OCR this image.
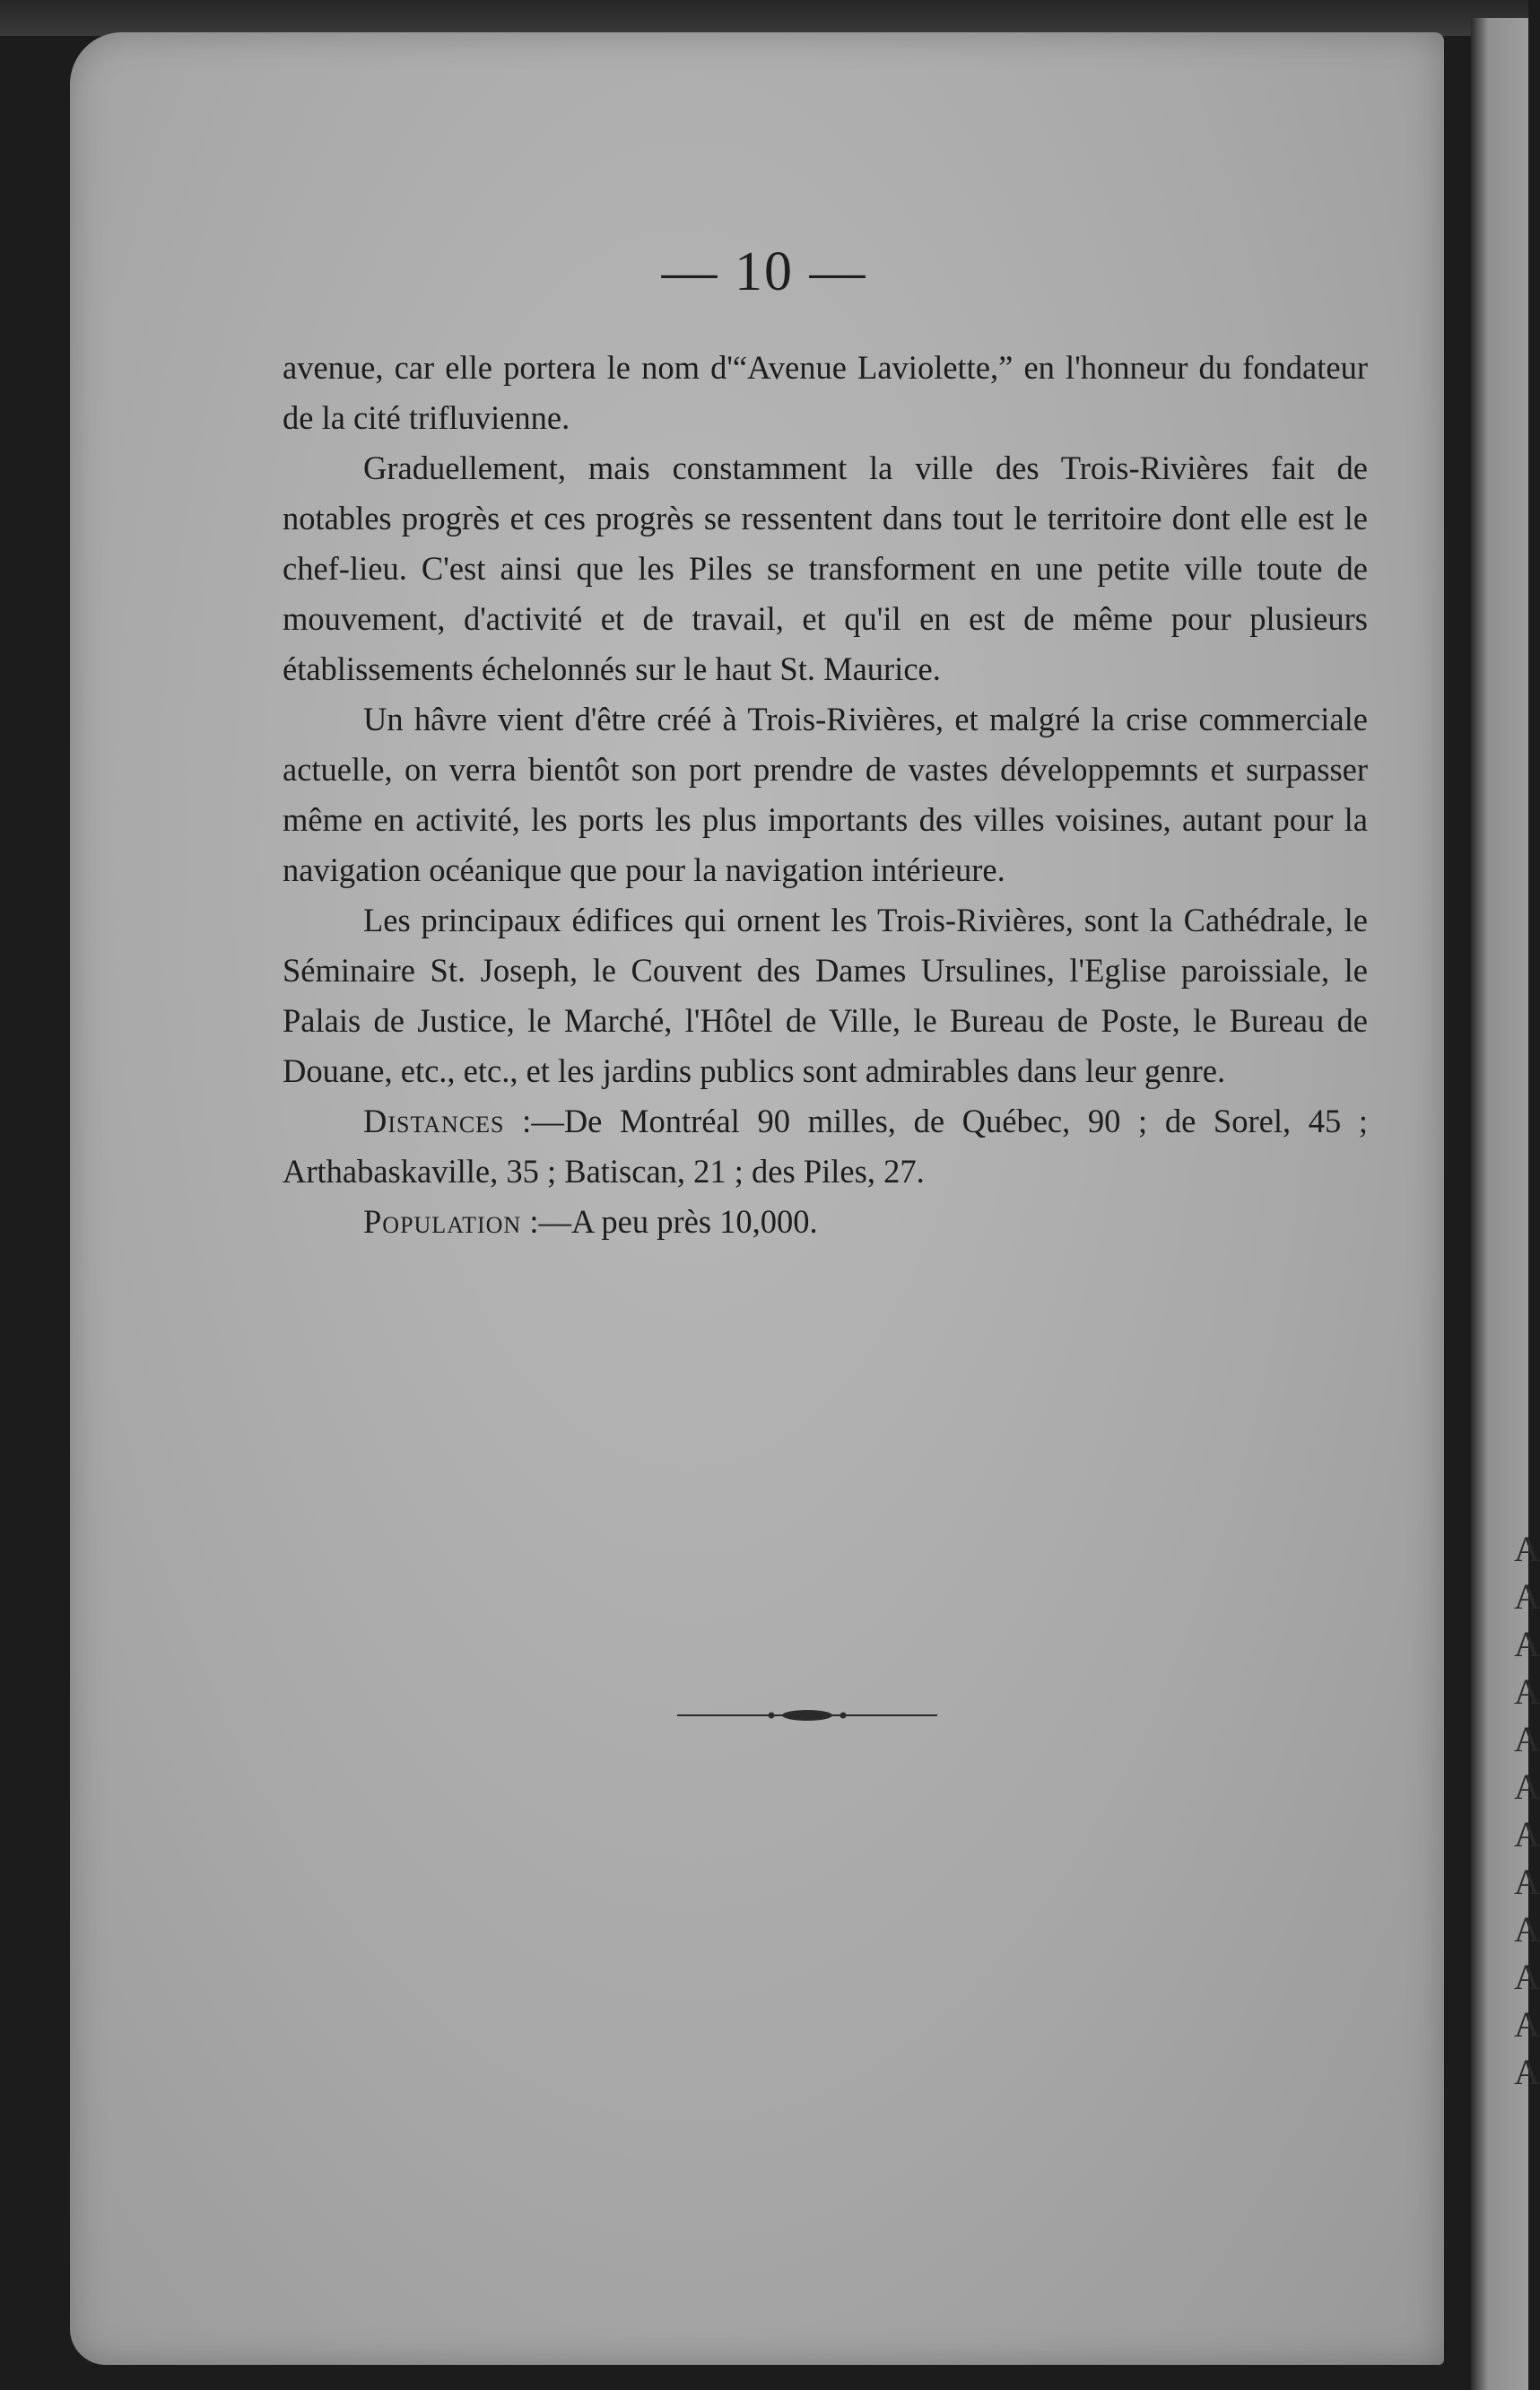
A
A
A
A
A
A
A
A
A
A
A
A
— 10 —

avenue, car elle portera le nom d'“Avenue Laviolette,” en l'honneur du fondateur de la cité trifluvienne.

Graduellement, mais constamment la ville des Trois-Rivières fait de notables progrès et ces progrès se ressentent dans tout le territoire dont elle est le chef-lieu. C'est ainsi que les Piles se transforment en une petite ville toute de mouvement, d'activité et de travail, et qu'il en est de même pour plusieurs établissements échelonnés sur le haut St. Maurice.

Un hâvre vient d'être créé à Trois-Rivières, et malgré la crise commerciale actuelle, on verra bientôt son port prendre de vastes développemnts et surpasser même en activité, les ports les plus importants des villes voisines, autant pour la navigation océanique que pour la navigation intérieure.

Les principaux édifices qui ornent les Trois-Rivières, sont la Cathédrale, le Séminaire St. Joseph, le Couvent des Dames Ursulines, l'Eglise paroissiale, le Palais de Justice, le Marché, l'Hôtel de Ville, le Bureau de Poste, le Bureau de Douane, etc., etc., et les jardins publics sont admirables dans leur genre.

Distances :—De Montréal 90 milles, de Québec, 90 ; de Sorel, 45 ; Arthabaskaville, 35 ; Batiscan, 21 ; des Piles, 27.

Population :—A peu près 10,000.
